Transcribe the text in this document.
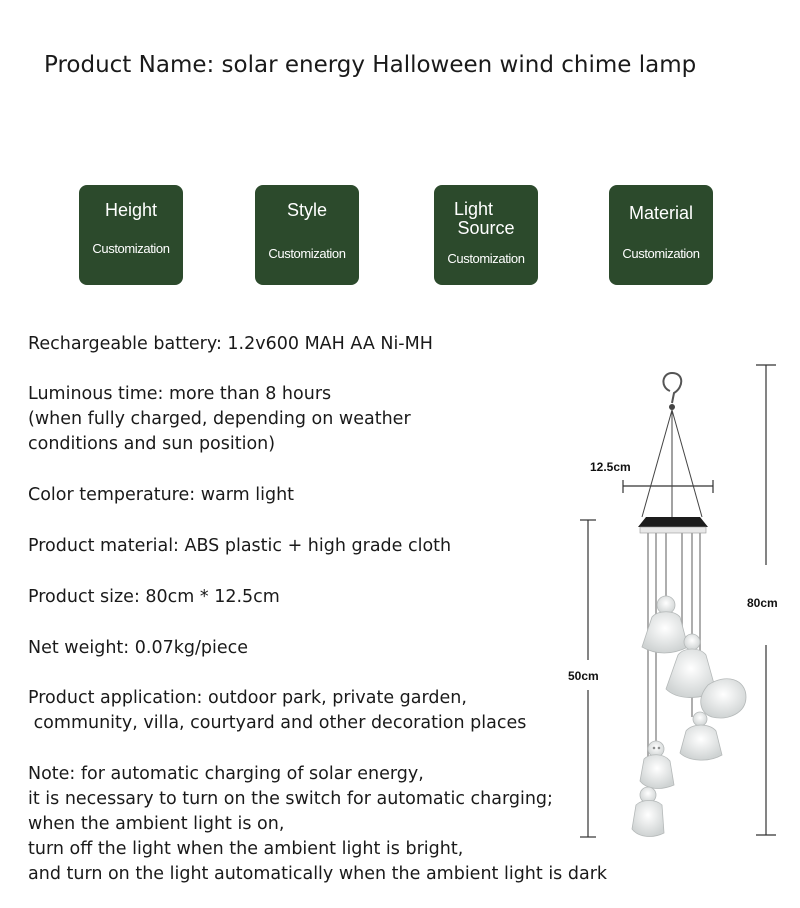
Product Name: solar energy Halloween wind chime lamp
Height
Customization
Style
Customization
Light
Source
Customization
Material
Customization
Rechargeable battery: 1.2v600 MAH AA Ni-MH
Luminous time: more than 8 hours
(when fully charged, depending on weather
conditions and sun position)
Color temperature: warm light
Product material: ABS plastic + high grade cloth
Product size: 80cm * 12.5cm
Net weight: 0.07kg/piece
Product application: outdoor park, private garden,
community, villa, courtyard and other decoration places
Note: for automatic charging of solar energy,
it is necessary to turn on the switch for automatic charging;
when the ambient light is on,
turn off the light when the ambient light is bright,
and turn on the light automatically when the ambient light is dark
80cm
50cm
12.5cm
